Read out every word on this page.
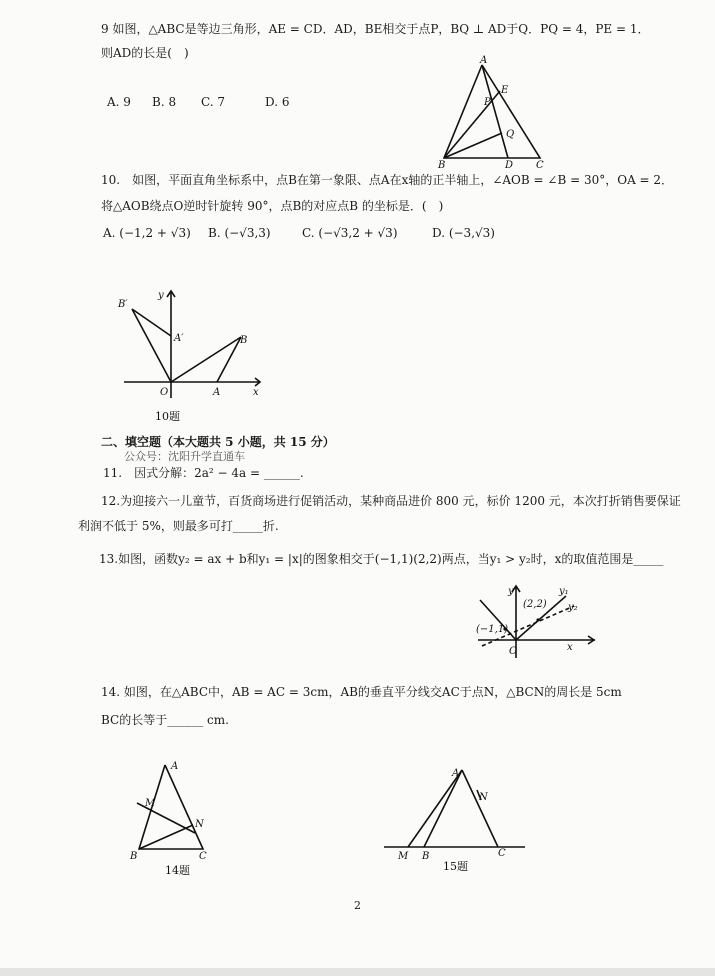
9 如图，△ABC是等边三角形，AE = CD．AD，BE相交于点P，BQ ⊥ AD于Q．PQ = 4，PE = 1．
则AD的长是(　)
A. 9 B. 8 C. 7	D. 6
A
E
P
Q
B	D C
10.　如图，平面直角坐标系中，点B在第一象限、点A在x轴的正半轴上，∠AOB = ∠B = 30°，OA = 2．
将△AOB绕点O逆时针旋转 90°，点B的对应点B 的坐标是．(　)
A. (−1,2 + √3) B. (−√3,3)	C. (−√3,2 + √3)	D. (−3,√3)
B′
y
A′	B
O	A	x
10题
二、填空题（本大题共 5 小题，共 15 分）
公众号：沈阳升学直通车
11.　因式分解：2a² − 4a = ______.
12.为迎接六一儿童节，百货商场进行促销活动，某种商品进价 800 元，标价 1200 元，本次打折销售要保证
利润不低于 5%，则最多可打_____折.
13.如图，函数y₂ = ax + b和y₁ = |x|的图象相交于(−1,1)(2,2)两点，当y₁ > y₂时，x的取值范围是_____
y	y₁
(2,2) y₂
(−1,1)
O	x
14. 如图，在△ABC中，AB = AC = 3cm，AB的垂直平分线交AC于点N，△BCN的周长是 5cm
BC的长等于______ cm.
A
M
N
B	C
14题
A
N
M B	C
15题
2
